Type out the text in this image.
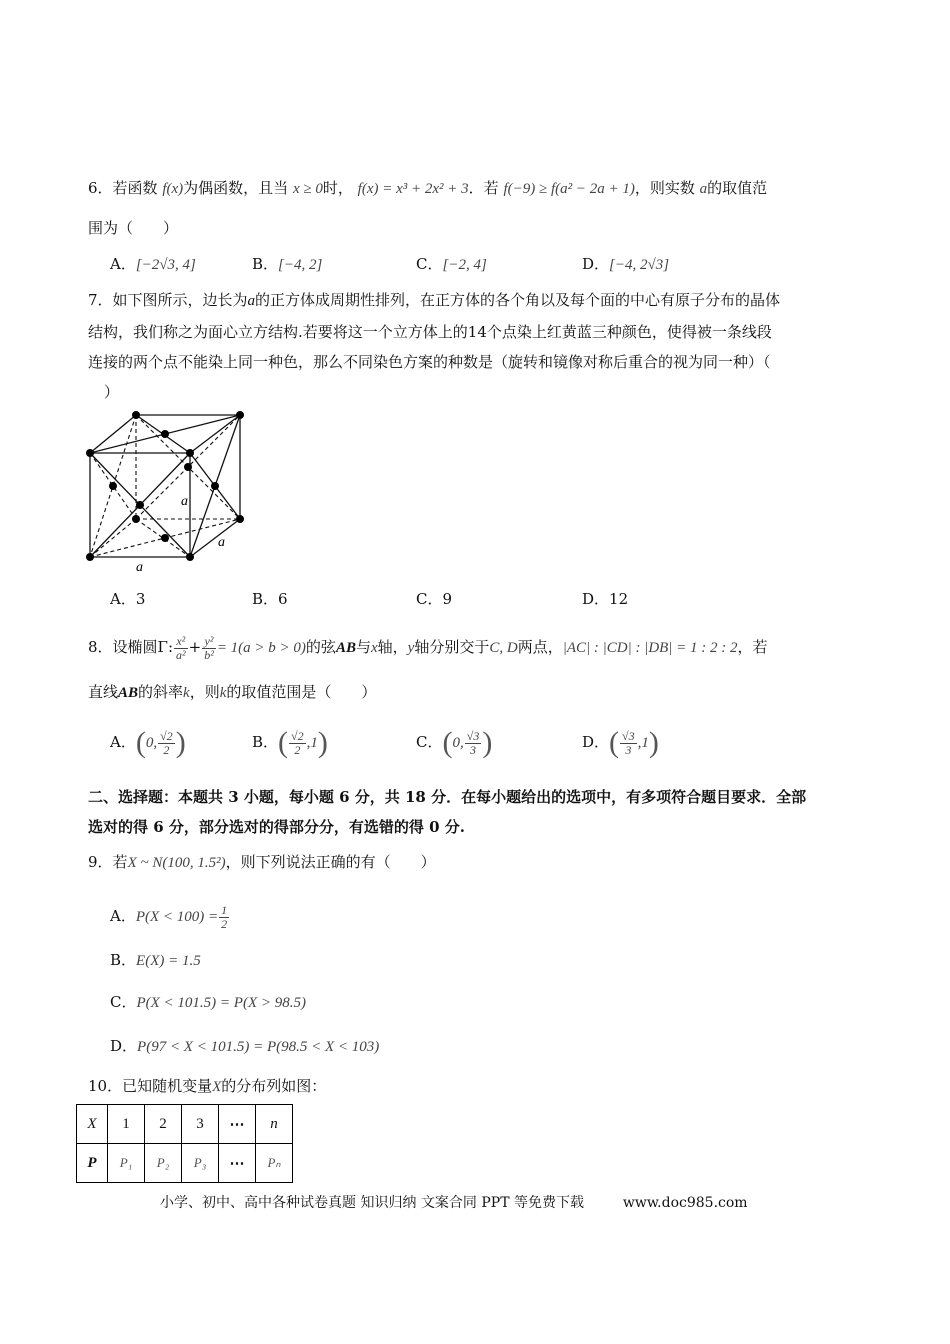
6．若函数 f(x)为偶函数，且当 x ≥ 0时， f(x) = x³ + 2x² + 3．若 f(−9) ≥ f(a² − 2a + 1)，则实数 a的取值范
围为（　　）
A．[−2√3, 4]	B．[−4, 2]	C．[−2, 4]	D．[−4, 2√3]
7．如下图所示，边长为a的正方体成周期性排列，在正方体的各个角以及每个面的中心有原子分布的晶体
结构，我们称之为面心立方结构.若要将这一个立方体上的14个点染上红黄蓝三种颜色，使得被一条线段
连接的两个点不能染上同一种色，那么不同染色方案的种数是（旋转和镜像对称后重合的视为同一种）（
）
a
a
a
A．3	B．6	C．9	D．12
8．设椭圆Γ: $\frac{\text{x²}}{\text{a²}} + \frac{\text{y²}}{\text{b²}} = 1(a > b > 0)$的弦AB与x轴，y轴分别交于C, D两点，|AC| : |CD| : |DB| = 1 : 2 : 2，若
直线AB的斜率k，则k的取值范围是（　　）
A．(0, $\frac{√2}{2}$ )	B．( $\frac{√2}{2} ,1$)	C．(0, $\frac{√3}{3}$ )	D．( $\frac{√3}{3} ,1$)
二、选择题：本题共 3 小题，每小题 6 分，共 18 分．在每小题给出的选项中，有多项符合题目要求．全部
选对的得 6 分，部分选对的得部分分，有选错的得 0 分.
9．若X ~ N(100, 1.5²)，则下列说法正确的有（　　）
A．$P(X < 100) = \frac{1}{2}$
B．E(X) = 1.5
C．P(X < 101.5) = P(X > 98.5)
D．P(97 < X < 101.5) = P(98.5 < X < 103)
10．已知随机变量X的分布列如图：
X	1	2	3	⋯	n
P	P₁	P₂	P₃	⋯	Pₙ
小学、初中、高中各种试卷真题 知识归纳 文案合同 PPT 等免费下载	www.doc985.com
